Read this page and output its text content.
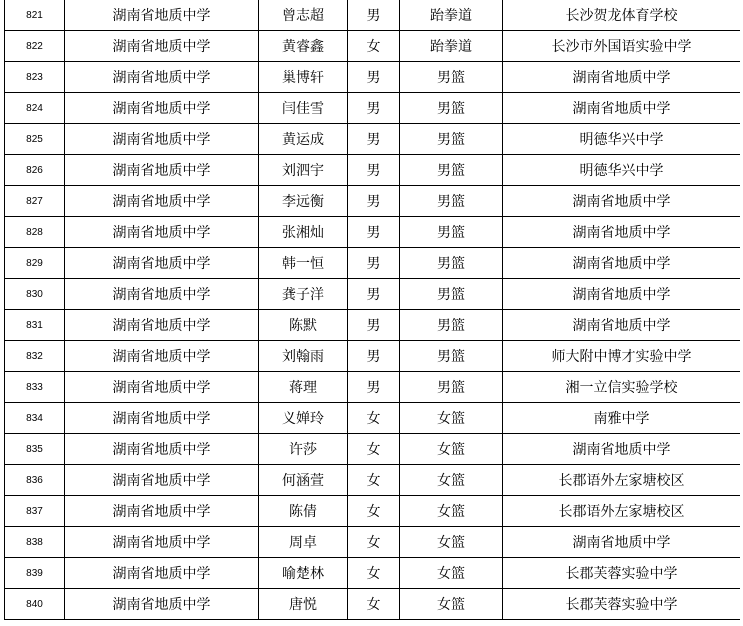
821	湖南省地质中学	曾志超	男	跆拳道	长沙贺龙体育学校
822	湖南省地质中学	黄睿鑫	女	跆拳道	长沙市外国语实验中学
823	湖南省地质中学	巢博轩	男	男篮	湖南省地质中学
824	湖南省地质中学	闫佳雪	男	男篮	湖南省地质中学
825	湖南省地质中学	黄运成	男	男篮	明德华兴中学
826	湖南省地质中学	刘泗宇	男	男篮	明德华兴中学
827	湖南省地质中学	李远衡	男	男篮	湖南省地质中学
828	湖南省地质中学	张湘灿	男	男篮	湖南省地质中学
829	湖南省地质中学	韩一恒	男	男篮	湖南省地质中学
830	湖南省地质中学	龚子洋	男	男篮	湖南省地质中学
831	湖南省地质中学	陈默	男	男篮	湖南省地质中学
832	湖南省地质中学	刘翰雨	男	男篮	师大附中博才实验中学
833	湖南省地质中学	蒋理	男	男篮	湘一立信实验学校
834	湖南省地质中学	义婵玲	女	女篮	南雅中学
835	湖南省地质中学	许莎	女	女篮	湖南省地质中学
836	湖南省地质中学	何涵萱	女	女篮	长郡语外左家塘校区
837	湖南省地质中学	陈倩	女	女篮	长郡语外左家塘校区
838	湖南省地质中学	周卓	女	女篮	湖南省地质中学
839	湖南省地质中学	喻楚林	女	女篮	长郡芙蓉实验中学
840	湖南省地质中学	唐悦	女	女篮	长郡芙蓉实验中学
